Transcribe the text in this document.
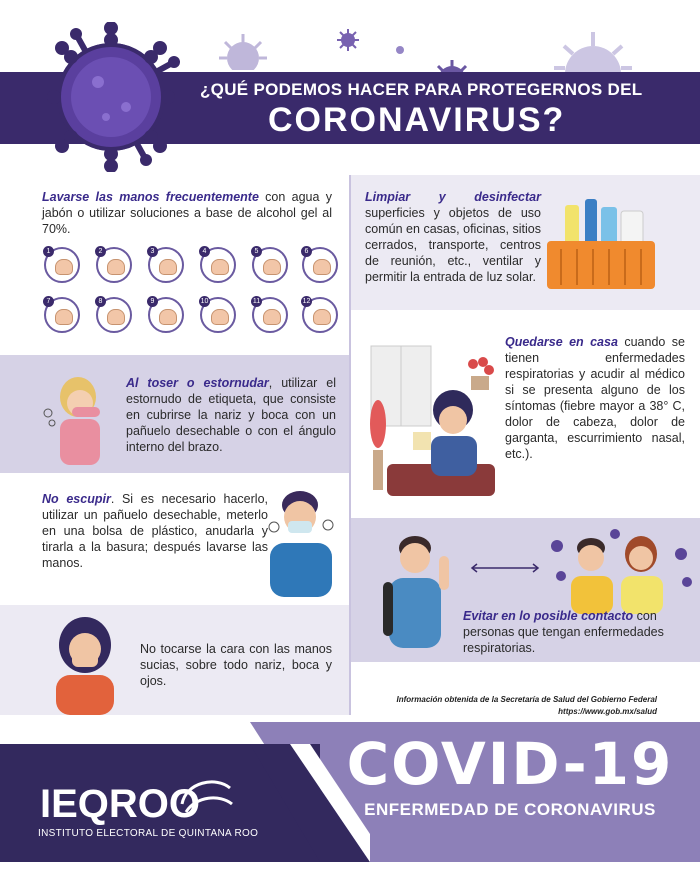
¿QUÉ PODEMOS HACER PARA PROTEGERNOS DEL
CORONAVIRUS?
Lavarse las manos frecuentemente con agua y jabón o utilizar soluciones a base de alcohol gel al 70%.
1	2	3	4	5	6
7	8	9	10	11	12
Al toser o estornudar, utilizar el estornudo de etiqueta, que consiste en cubrirse la nariz y boca con un pañuelo desechable o con el ángulo interno del brazo.
No escupir. Si es necesario hacerlo, utilizar un pañuelo desechable, meterlo en una bolsa de plástico, anudarla y tirarla a la basura; después lavarse las manos.
No tocarse la cara con las manos sucias, sobre todo nariz, boca y ojos.
Limpiar y desinfectar superficies y objetos de uso común en casas, oficinas, sitios cerrados, transporte, centros de reunión, etc., ventilar y permitir la entrada de luz solar.
Quedarse en casa cuando se tienen enfermedades respiratorias y acudir al médico si se presenta alguno de los síntomas (fiebre mayor a 38° C, dolor de cabeza, dolor de garganta, escurrimiento nasal, etc.).
Evitar en lo posible contacto con personas que tengan enfermedades respiratorias.
Información obtenida de la Secretaría de Salud del Gobierno Federal
https://www.gob.mx/salud
IEQROO
INSTITUTO ELECTORAL DE QUINTANA ROO
COVID-19
ENFERMEDAD DE CORONAVIRUS
